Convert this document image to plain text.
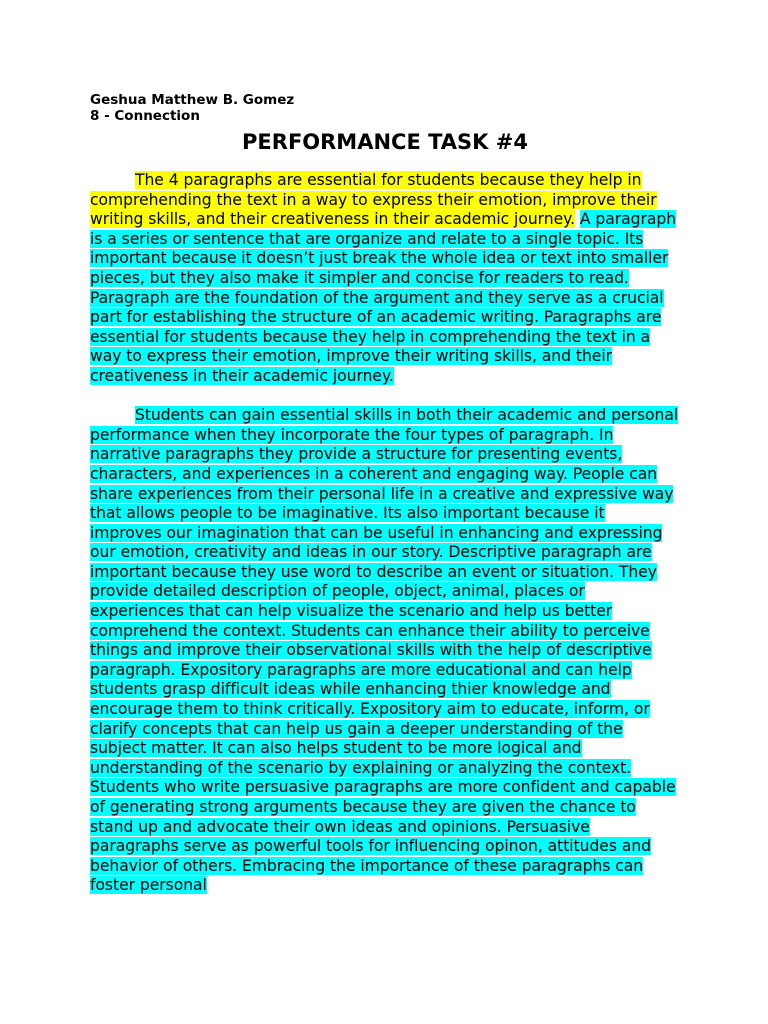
Geshua Matthew B. Gomez

8 - Connection

PERFORMANCE TASK #4

The 4 paragraphs are essential for students because they help in comprehending the text in a way to express their emotion, improve their writing skills, and their creativeness in their academic journey. A paragraph is a series or sentence that are organize and relate to a single topic. Its important because it doesn’t just break the whole idea or text into smaller pieces, but they also make it simpler and concise for readers to read. Paragraph are the foundation of the argument and they serve as a crucial part for establishing the structure of an academic writing. Paragraphs are essential for students because they help in comprehending the text in a way to express their emotion, improve their writing skills, and their creativeness in their academic journey.

Students can gain essential skills in both their academic and personal performance when they incorporate the four types of paragraph. In narrative paragraphs they provide a structure for presenting events, characters, and experiences in a coherent and engaging way. People can share experiences from their personal life in a creative and expressive way that allows people to be imaginative. Its also important because it improves our imagination that can be useful in enhancing and expressing our emotion, creativity and ideas in our story. Descriptive paragraph are important because they use word to describe an event or situation. They provide detailed description of people, object, animal, places or experiences that can help visualize the scenario and help us better comprehend the context. Students can enhance their ability to perceive things and improve their observational skills with the help of descriptive paragraph. Expository paragraphs are more educational and can help students grasp difficult ideas while enhancing thier knowledge and encourage them to think critically. Expository aim to educate, inform, or clarify concepts that can help us gain a deeper understanding of the subject matter. It can also helps student to be more logical and understanding of the scenario by explaining or analyzing the context. Students who write persuasive paragraphs are more confident and capable of generating strong arguments because they are given the chance to stand up and advocate their own ideas and opinions. Persuasive paragraphs serve as powerful tools for influencing opinon, attitudes and behavior of others. Embracing the importance of these paragraphs can foster personal
